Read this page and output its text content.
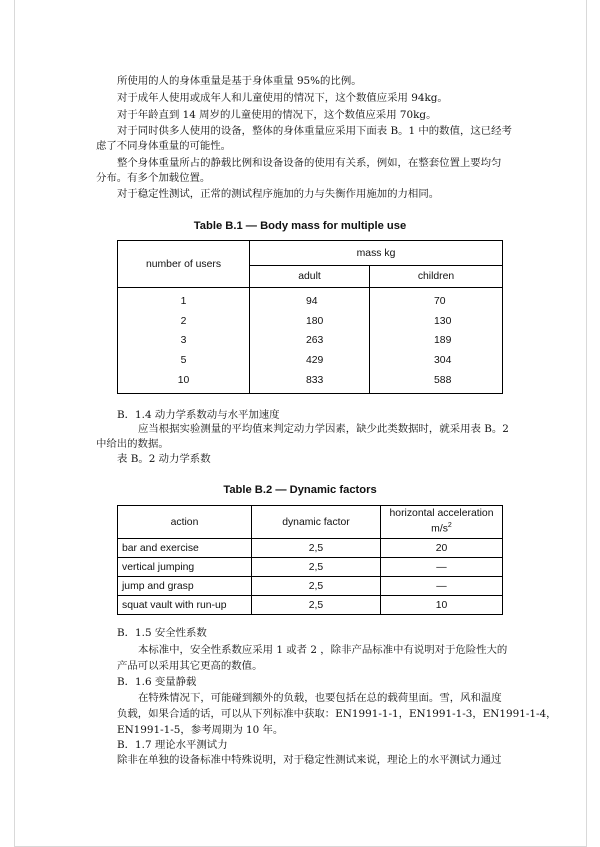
所使用的人的身体重量是基于身体重量 95%的比例。
对于成年人使用或成年人和儿童使用的情况下，这个数值应采用 94kg。
对于年龄直到 14 周岁的儿童使用的情况下，这个数值应采用 70kg。
对于同时供多人使用的设备，整体的身体重量应采用下面表 B。1 中的数值，这已经考
虑了不同身体重量的可能性。
整个身体重量所占的静载比例和设备设备的使用有关系，例如，在整套位置上要均匀
分布。有多个加载位置。
对于稳定性测试，正常的测试程序施加的力与失衡作用施加的力相同。
Table B.1 — Body mass for multiple use
number of users	mass kg	
	adult	children
1	94	70
2	180	130
3	263	189
5	429	304
10	833	588
B．1.4 动力学系数动与水平加速度
应当根据实验测量的平均值来判定动力学因素，缺少此类数据时，就采用表 B。2
中给出的数据。
表 B。2 动力学系数
Table B.2 — Dynamic factors
action	dynamic factor	horizontal acceleration
$m/s^2$
bar and exercise	2,5	20
vertical jumping	2,5	—
jump and grasp	2,5	—
squat vault with run-up	2,5	10
B．1.5 安全性系数
本标准中，安全性系数应采用 1 或者 2 ，除非产品标准中有说明对于危险性大的
产品可以采用其它更高的数值。
B．1.6 变量静载
在特殊情况下，可能碰到额外的负载，也要包括在总的载荷里面。雪，风和温度
负载，如果合适的话，可以从下列标准中获取：EN1991-1-1，EN1991-1-3，EN1991-1-4，
EN1991-1-5，参考周期为 10 年。
B．1.7 理论水平测试力
除非在单独的设备标准中特殊说明，对于稳定性测试来说，理论上的水平测试力通过
